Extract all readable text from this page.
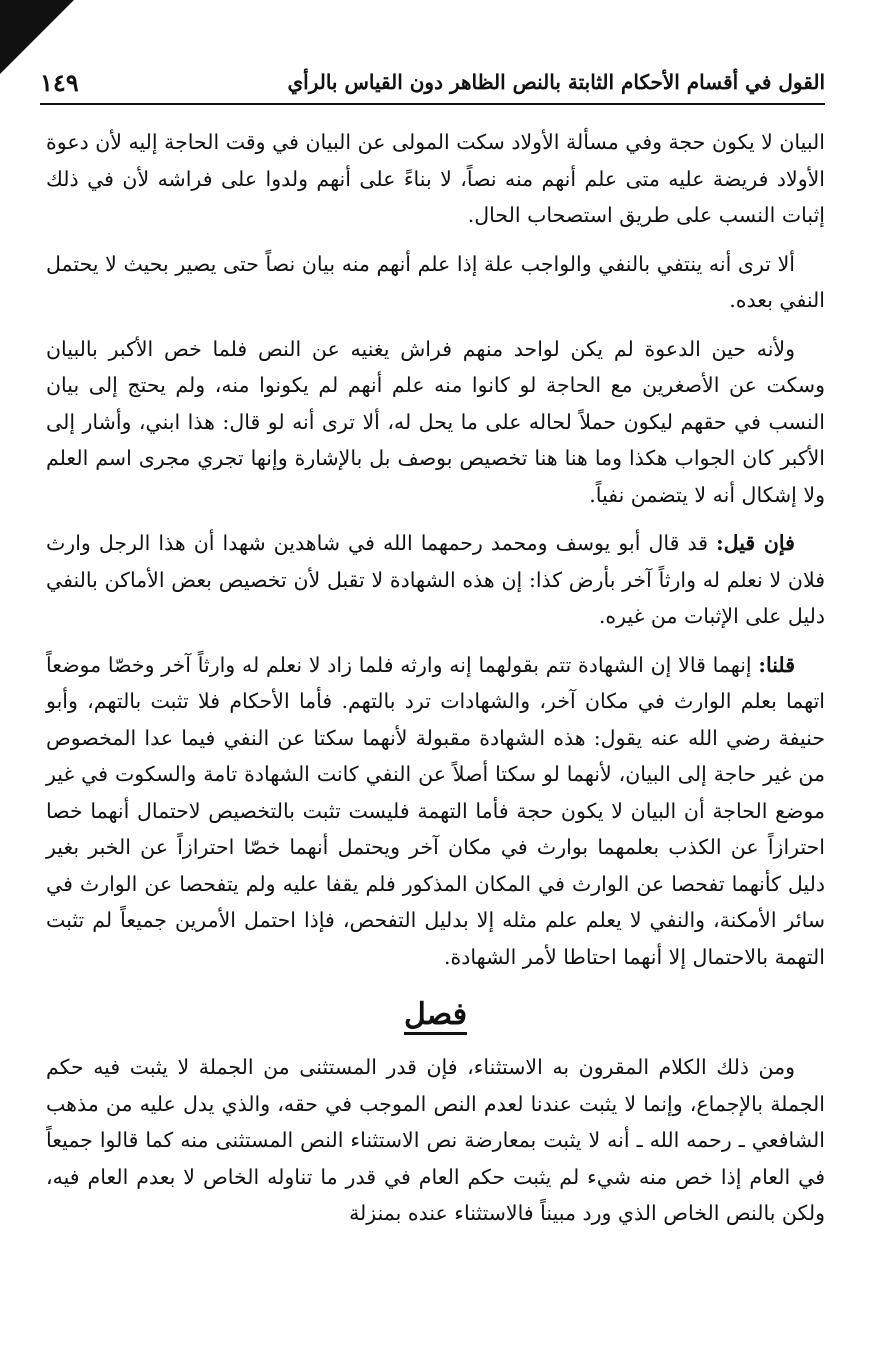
القول في أقسام الأحكام الثابتة بالنص الظاهر دون القياس بالرأي
١٤٩

البيان لا يكون حجة وفي مسألة الأولاد سكت المولى عن البيان في وقت الحاجة إليه لأن دعوة الأولاد فريضة عليه متى علم أنهم منه نصاً، لا بناءً على أنهم ولدوا على فراشه لأن في ذلك إثبات النسب على طريق استصحاب الحال.

ألا ترى أنه ينتفي بالنفي والواجب علة إذا علم أنهم منه بيان نصاً حتى يصير بحيث لا يحتمل النفي بعده.

ولأنه حين الدعوة لم يكن لواحد منهم فراش يغنيه عن النص فلما خص الأكبر بالبيان وسكت عن الأصغرين مع الحاجة لو كانوا منه علم أنهم لم يكونوا منه، ولم يحتج إلى بيان النسب في حقهم ليكون حملاً لحاله على ما يحل له، ألا ترى أنه لو قال: هذا ابني، وأشار إلى الأكبر كان الجواب هكذا وما هنا هنا تخصيص بوصف بل بالإشارة وإنها تجري مجرى اسم العلم ولا إشكال أنه لا يتضمن نفياً.

فإن قيل: قد قال أبو يوسف ومحمد رحمهما الله في شاهدين شهدا أن هذا الرجل وارث فلان لا نعلم له وارثاً آخر بأرض كذا: إن هذه الشهادة لا تقبل لأن تخصيص بعض الأماكن بالنفي دليل على الإثبات من غيره.

قلنا: إنهما قالا إن الشهادة تتم بقولهما إنه وارثه فلما زاد لا نعلم له وارثاً آخر وخصّا موضعاً اتهما بعلم الوارث في مكان آخر، والشهادات ترد بالتهم. فأما الأحكام فلا تثبت بالتهم، وأبو حنيفة رضي الله عنه يقول: هذه الشهادة مقبولة لأنهما سكتا عن النفي فيما عدا المخصوص من غير حاجة إلى البيان، لأنهما لو سكتا أصلاً عن النفي كانت الشهادة تامة والسكوت في غير موضع الحاجة أن البيان لا يكون حجة فأما التهمة فليست تثبت بالتخصيص لاحتمال أنهما خصا احترازاً عن الكذب بعلمهما بوارث في مكان آخر ويحتمل أنهما خصّا احترازاً عن الخبر بغير دليل كأنهما تفحصا عن الوارث في المكان المذكور فلم يقفا عليه ولم يتفحصا عن الوارث في سائر الأمكنة، والنفي لا يعلم علم مثله إلا بدليل التفحص، فإذا احتمل الأمرين جميعاً لم تثبت التهمة بالاحتمال إلا أنهما احتاطا لأمر الشهادة.

فصل

ومن ذلك الكلام المقرون به الاستثناء، فإن قدر المستثنى من الجملة لا يثبت فيه حكم الجملة بالإجماع، وإنما لا يثبت عندنا لعدم النص الموجب في حقه، والذي يدل عليه من مذهب الشافعي ـ رحمه الله ـ أنه لا يثبت بمعارضة نص الاستثناء النص المستثنى منه كما قالوا جميعاً في العام إذا خص منه شيء لم يثبت حكم العام في قدر ما تناوله الخاص لا بعدم العام فيه، ولكن بالنص الخاص الذي ورد مبيناً فالاستثناء عنده بمنزلة
